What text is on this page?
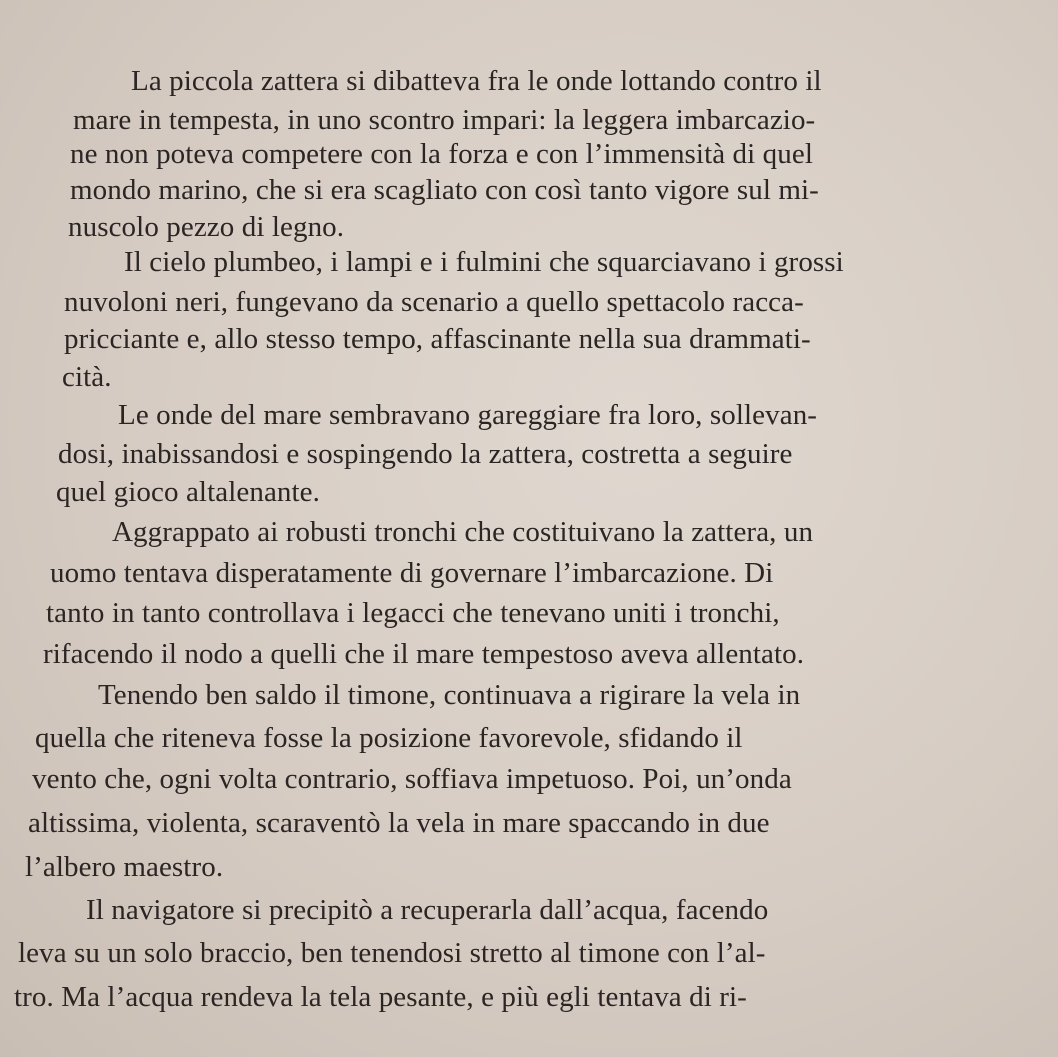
La piccola zattera si dibatteva fra le onde lottando contro il
mare in tempesta, in uno scontro impari: la leggera imbarcazio-
ne non poteva competere con la forza e con l’immensità di quel
mondo marino, che si era scagliato con così tanto vigore sul mi-
nuscolo pezzo di legno.
Il cielo plumbeo, i lampi e i fulmini che squarciavano i grossi
nuvoloni neri, fungevano da scenario a quello spettacolo racca-
pricciante e, allo stesso tempo, affascinante nella sua drammati-
cità.
Le onde del mare sembravano gareggiare fra loro, sollevan-
dosi, inabissandosi e sospingendo la zattera, costretta a seguire
quel gioco altalenante.
Aggrappato ai robusti tronchi che costituivano la zattera, un
uomo tentava disperatamente di governare l’imbarcazione. Di
tanto in tanto controllava i legacci che tenevano uniti i tronchi,
rifacendo il nodo a quelli che il mare tempestoso aveva allentato.
Tenendo ben saldo il timone, continuava a rigirare la vela in
quella che riteneva fosse la posizione favorevole, sfidando il
vento che, ogni volta contrario, soffiava impetuoso. Poi, un’onda
altissima, violenta, scaraventò la vela in mare spaccando in due
l’albero maestro.
Il navigatore si precipitò a recuperarla dall’acqua, facendo
leva su un solo braccio, ben tenendosi stretto al timone con l’al-
tro. Ma l’acqua rendeva la tela pesante, e più egli tentava di ri-
